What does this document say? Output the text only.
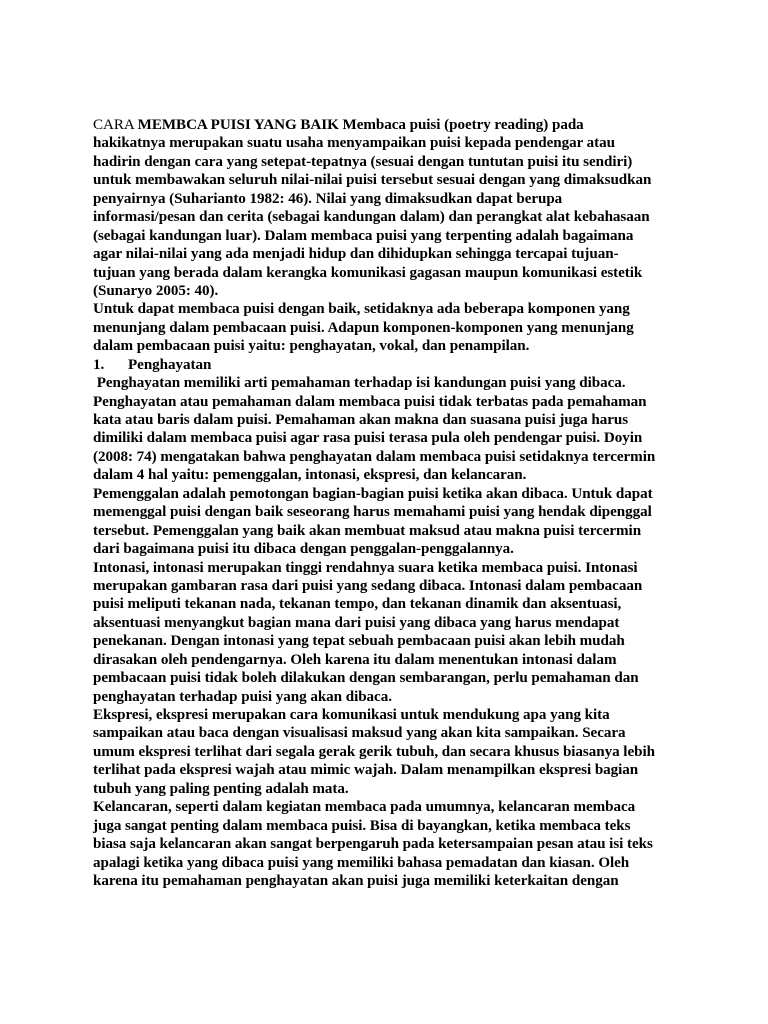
CARA MEMBCA PUISI YANG BAIK Membaca puisi (poetry reading) pada
hakikatnya merupakan suatu usaha menyampaikan puisi kepada pendengar atau
hadirin dengan cara yang setepat-tepatnya (sesuai dengan tuntutan puisi itu sendiri)
untuk membawakan seluruh nilai-nilai puisi tersebut sesuai dengan yang dimaksudkan
penyairnya (Suharianto 1982: 46). Nilai yang dimaksudkan dapat berupa
informasi/pesan dan cerita (sebagai kandungan dalam) dan perangkat alat kebahasaan
(sebagai kandungan luar). Dalam membaca puisi yang terpenting adalah bagaimana
agar nilai-nilai yang ada menjadi hidup dan dihidupkan sehingga tercapai tujuan-
tujuan yang berada dalam kerangka komunikasi gagasan maupun komunikasi estetik
(Sunaryo 2005: 40).
Untuk dapat membaca puisi dengan baik, setidaknya ada beberapa komponen yang
menunjang dalam pembacaan puisi. Adapun komponen-komponen yang menunjang
dalam pembacaan puisi yaitu: penghayatan, vokal, dan penampilan.
1. Penghayatan
Penghayatan memiliki arti pemahaman terhadap isi kandungan puisi yang dibaca.
Penghayatan atau pemahaman dalam membaca puisi tidak terbatas pada pemahaman
kata atau baris dalam puisi. Pemahaman akan makna dan suasana puisi juga harus
dimiliki dalam membaca puisi agar rasa puisi terasa pula oleh pendengar puisi. Doyin
(2008: 74) mengatakan bahwa penghayatan dalam membaca puisi setidaknya tercermin
dalam 4 hal yaitu: pemenggalan, intonasi, ekspresi, dan kelancaran.
Pemenggalan adalah pemotongan bagian-bagian puisi ketika akan dibaca. Untuk dapat
memenggal puisi dengan baik seseorang harus memahami puisi yang hendak dipenggal
tersebut. Pemenggalan yang baik akan membuat maksud atau makna puisi tercermin
dari bagaimana puisi itu dibaca dengan penggalan-penggalannya.
Intonasi, intonasi merupakan tinggi rendahnya suara ketika membaca puisi. Intonasi
merupakan gambaran rasa dari puisi yang sedang dibaca. Intonasi dalam pembacaan
puisi meliputi tekanan nada, tekanan tempo, dan tekanan dinamik dan aksentuasi,
aksentuasi menyangkut bagian mana dari puisi yang dibaca yang harus mendapat
penekanan. Dengan intonasi yang tepat sebuah pembacaan puisi akan lebih mudah
dirasakan oleh pendengarnya. Oleh karena itu dalam menentukan intonasi dalam
pembacaan puisi tidak boleh dilakukan dengan sembarangan, perlu pemahaman dan
penghayatan terhadap puisi yang akan dibaca.
Ekspresi, ekspresi merupakan cara komunikasi untuk mendukung apa yang kita
sampaikan atau baca dengan visualisasi maksud yang akan kita sampaikan. Secara
umum ekspresi terlihat dari segala gerak gerik tubuh, dan secara khusus biasanya lebih
terlihat pada ekspresi wajah atau mimic wajah. Dalam menampilkan ekspresi bagian
tubuh yang paling penting adalah mata.
Kelancaran, seperti dalam kegiatan membaca pada umumnya, kelancaran membaca
juga sangat penting dalam membaca puisi. Bisa di bayangkan, ketika membaca teks
biasa saja kelancaran akan sangat berpengaruh pada ketersampaian pesan atau isi teks
apalagi ketika yang dibaca puisi yang memiliki bahasa pemadatan dan kiasan. Oleh
karena itu pemahaman penghayatan akan puisi juga memiliki keterkaitan dengan
